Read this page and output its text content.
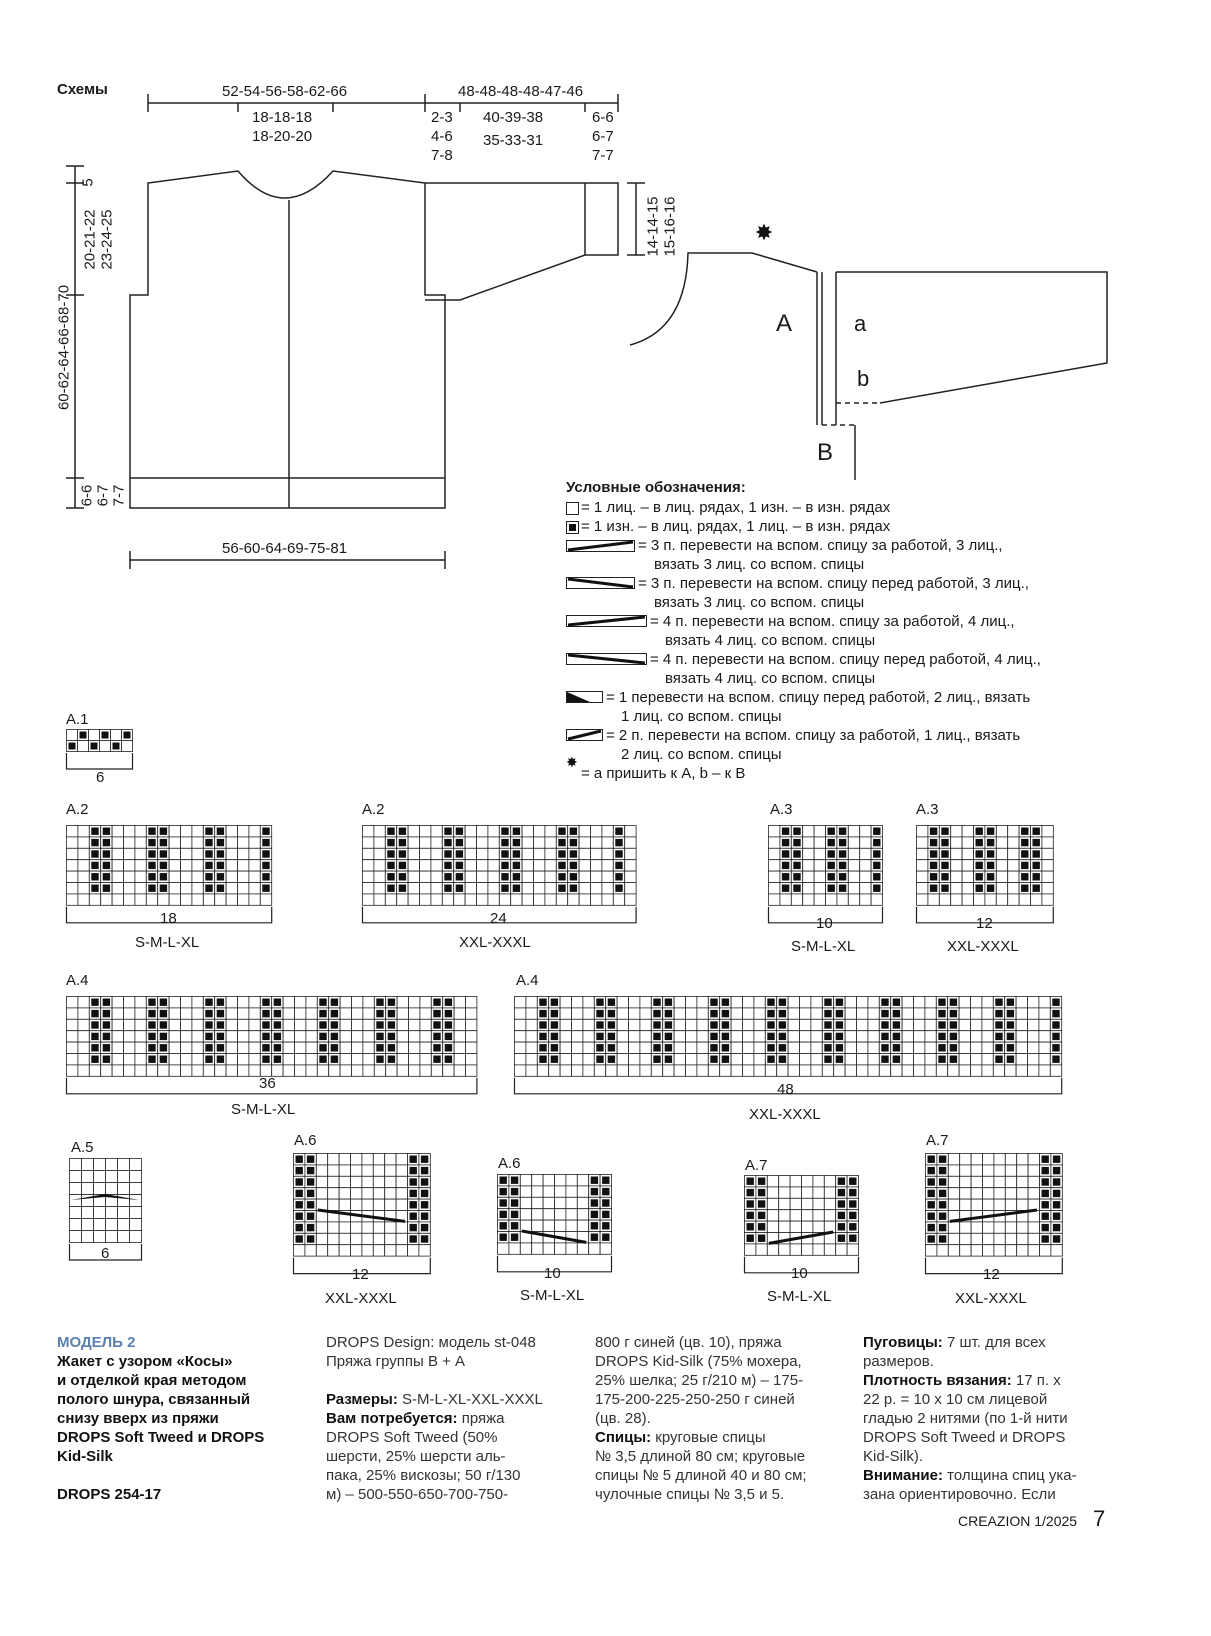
Схемы
✸
52-54-56-58-62-66
18-18-18
18-20-20
48-48-48-48-47-46
2-3
4-6
7-8
40-39-38
35-33-31
6-6
6-7
7-7
14-14-15 15-16-16
5
20-21-22 23-24-25
60-62-64-66-68-70
6-6 6-7 7-7
56-60-64-69-75-81
A	a
b
B
Условные обозначения:
✸
= 1 лиц. – в лиц. рядах, 1 изн. – в изн. рядах
= 1 изн. – в лиц. рядах, 1 лиц. – в изн. рядах
= 3 п. перевести на вспом. спицу за работой, 3 лиц.,
вязать 3 лиц. со вспом. спицы
= 3 п. перевести на вспом. спицу перед работой, 3 лиц.,
вязать 3 лиц. со вспом. спицы
= 4 п. перевести на вспом. спицу за работой, 4 лиц.,
вязать 4 лиц. со вспом. спицы
= 4 п. перевести на вспом. спицу перед работой, 4 лиц.,
вязать 4 лиц. со вспом. спицы
= 1 перевести на вспом. спицу перед работой, 2 лиц., вязать
1 лиц. со вспом. спицы
= 2 п. перевести на вспом. спицу за работой, 1 лиц., вязать
2 лиц. со вспом. спицы
= а пришить к А, b – к В
A.1
6
A.2
18
S-M-L-XL
A.2
24
XXL-XXXL
A.3
10
S-M-L-XL
A.3
12
XXL-XXXL
A.4
36
S-M-L-XL
A.4
48
XXL-XXXL
A.5
6
A.6
12
XXL-XXXL
A.6
10
S-M-L-XL
A.7
10
S-M-L-XL
A.7
12
XXL-XXXL
МОДЕЛЬ 2
Жакет с узором «Косы»
и отделкой края методом
полого шнура, связанный
снизу вверх из пряжи
DROPS Soft Tweed и DROPS
Kid-Silk
DROPS 254-17
DROPS Design: модель st-048
Пряжа группы В + А
Размеры: S-M-L-XL-XXL-XXXL
Вам потребуется: пряжа
DROPS Soft Tweed (50%
шерсти, 25% шерсти аль-
пака, 25% вискозы; 50 г/130
м) – 500-550-650-700-750-
800 г синей (цв. 10), пряжа
DROPS Kid-Silk (75% мохера,
25% шелка; 25 г/210 м) – 175-
175-200-225-250-250 г синей
(цв. 28).
Спицы: круговые спицы
№ 3,5 длиной 80 см; круговые
спицы № 5 длиной 40 и 80 см;
чулочные спицы № 3,5 и 5.
Пуговицы: 7 шт. для всех
размеров.
Плотность вязания: 17 п. х
22 р. = 10 х 10 см лицевой
гладью 2 нитями (по 1-й нити
DROPS Soft Tweed и DROPS
Kid-Silk).
Внимание: толщина спиц ука-
зана ориентировочно. Если
CREAZION 1/2025 7
